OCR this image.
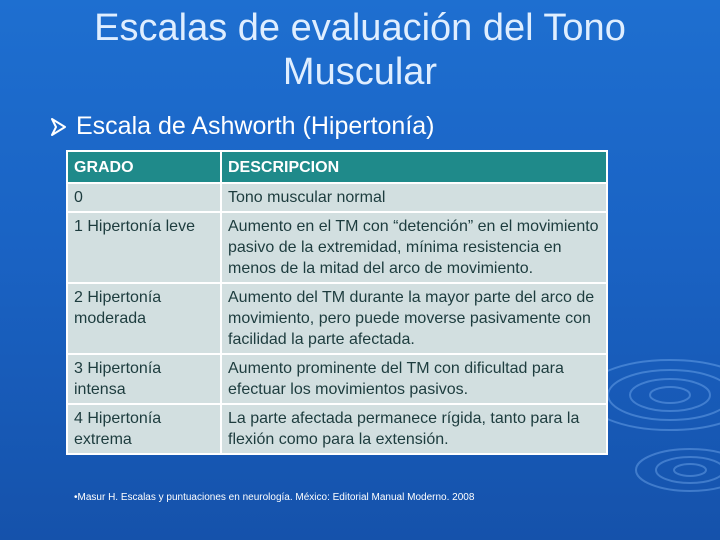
Escalas de evaluación del Tono Muscular
Escala de Ashworth (Hipertonía)
GRADO	DESCRIPCION
0	Tono muscular normal
1 Hipertonía leve	Aumento en el TM con “detención” en el movimiento pasivo de la extremidad, mínima resistencia en menos de la mitad del arco de movimiento.
2 Hipertonía moderada	Aumento del TM durante la mayor parte del arco de movimiento, pero puede moverse pasivamente con facilidad la parte afectada.
3 Hipertonía intensa	Aumento prominente del TM con dificultad para efectuar los movimientos pasivos.
4 Hipertonía extrema	La parte afectada permanece rígida, tanto para la flexión como para la extensión.
•Masur H. Escalas y puntuaciones en neurología. México: Editorial Manual Moderno. 2008
